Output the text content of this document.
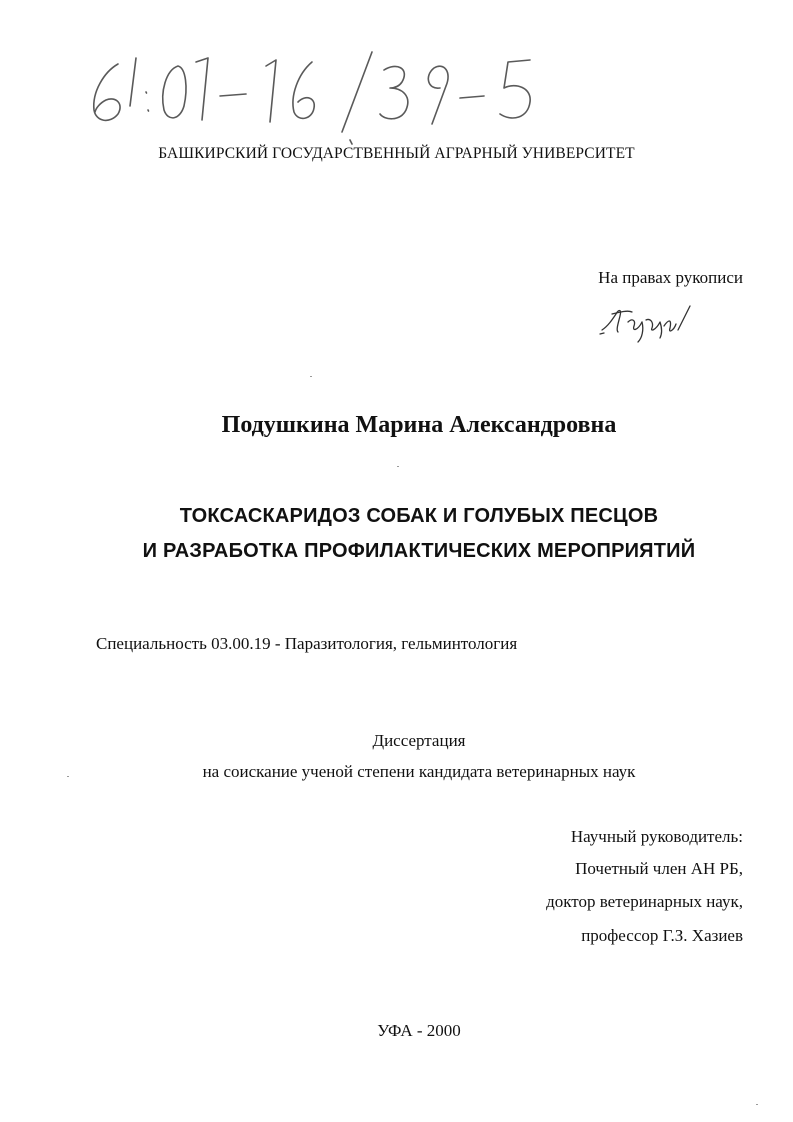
БАШКИРСКИЙ ГОСУДАРСТВЕННЫЙ АГРАРНЫЙ УНИВЕРСИТЕТ
На правах рукописи
Подушкина Марина Александровна
ТОКСАСКАРИДОЗ СОБАК И ГОЛУБЫХ ПЕСЦОВ
И РАЗРАБОТКА ПРОФИЛАКТИЧЕСКИХ МЕРОПРИЯТИЙ
Специальность 03.00.19 - Паразитология, гельминтология
Диссертация
на соискание ученой степени кандидата ветеринарных наук
Научный руководитель:
Почетный член АН РБ,
доктор ветеринарных наук,
профессор Г.З. Хазиев
УФА - 2000
